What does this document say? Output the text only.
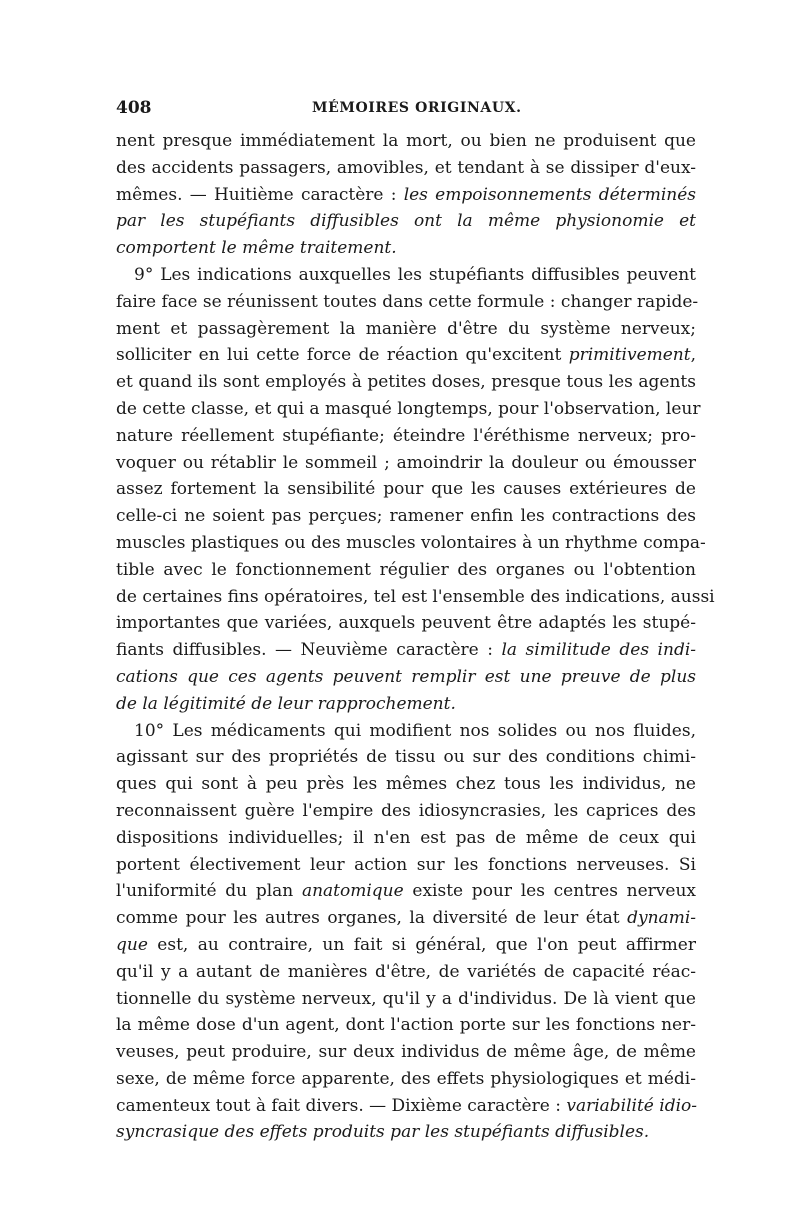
408	MÉMOIRES ORIGINAUX.
nent presque immédiatement la mort, ou bien ne produisent que
des accidents passagers, amovibles, et tendant à se dissiper d'eux-
mêmes. — Huitième caractère : les empoisonnements déterminés
par les stupéfiants diffusibles ont la même physionomie et
comportent le même traitement.
9° Les indications auxquelles les stupéfiants diffusibles peuvent
faire face se réunissent toutes dans cette formule : changer rapide-
ment et passagèrement la manière d'être du système nerveux;
solliciter en lui cette force de réaction qu'excitent primitivement,
et quand ils sont employés à petites doses, presque tous les agents
de cette classe, et qui a masqué longtemps, pour l'observation, leur
nature réellement stupéfiante; éteindre l'éréthisme nerveux; pro-
voquer ou rétablir le sommeil ; amoindrir la douleur ou émousser
assez fortement la sensibilité pour que les causes extérieures de
celle-ci ne soient pas perçues; ramener enfin les contractions des
muscles plastiques ou des muscles volontaires à un rhythme compa-
tible avec le fonctionnement régulier des organes ou l'obtention
de certaines fins opératoires, tel est l'ensemble des indications, aussi
importantes que variées, auxquels peuvent être adaptés les stupé-
fiants diffusibles. — Neuvième caractère : la similitude des indi-
cations que ces agents peuvent remplir est une preuve de plus
de la légitimité de leur rapprochement.
10° Les médicaments qui modifient nos solides ou nos fluides,
agissant sur des propriétés de tissu ou sur des conditions chimi-
ques qui sont à peu près les mêmes chez tous les individus, ne
reconnaissent guère l'empire des idiosyncrasies, les caprices des
dispositions individuelles; il n'en est pas de même de ceux qui
portent électivement leur action sur les fonctions nerveuses. Si
l'uniformité du plan anatomique existe pour les centres nerveux
comme pour les autres organes, la diversité de leur état dynami-
que est, au contraire, un fait si général, que l'on peut affirmer
qu'il y a autant de manières d'être, de variétés de capacité réac-
tionnelle du système nerveux, qu'il y a d'individus. De là vient que
la même dose d'un agent, dont l'action porte sur les fonctions ner-
veuses, peut produire, sur deux individus de même âge, de même
sexe, de même force apparente, des effets physiologiques et médi-
camenteux tout à fait divers. — Dixième caractère : variabilité idio-
syncrasique des effets produits par les stupéfiants diffusibles.
